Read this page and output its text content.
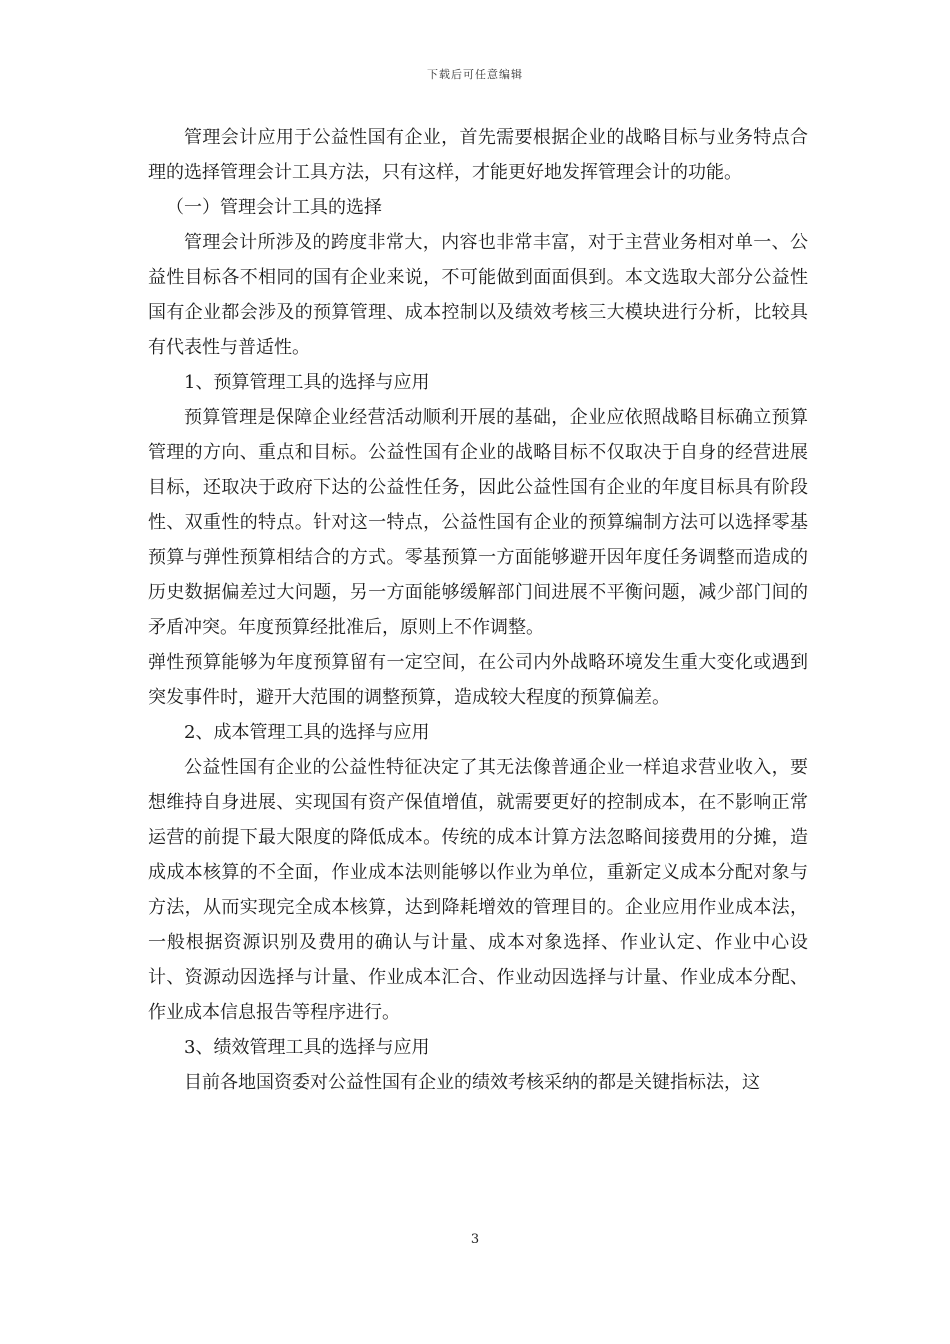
下载后可任意编辑

管理会计应用于公益性国有企业，首先需要根据企业的战略目标与业务特点合理的选择管理会计工具方法，只有这样，才能更好地发挥管理会计的功能。

（一）管理会计工具的选择

管理会计所涉及的跨度非常大，内容也非常丰富，对于主营业务相对单一、公益性目标各不相同的国有企业来说，不可能做到面面俱到。本文选取大部分公益性国有企业都会涉及的预算管理、成本控制以及绩效考核三大模块进行分析，比较具有代表性与普适性。

1、预算管理工具的选择与应用

预算管理是保障企业经营活动顺利开展的基础，企业应依照战略目标确立预算管理的方向、重点和目标。公益性国有企业的战略目标不仅取决于自身的经营进展目标，还取决于政府下达的公益性任务，因此公益性国有企业的年度目标具有阶段性、双重性的特点。针对这一特点，公益性国有企业的预算编制方法可以选择零基预算与弹性预算相结合的方式。零基预算一方面能够避开因年度任务调整而造成的历史数据偏差过大问题，另一方面能够缓解部门间进展不平衡问题，减少部门间的矛盾冲突。年度预算经批准后，原则上不作调整。

弹性预算能够为年度预算留有一定空间，在公司内外战略环境发生重大变化或遇到突发事件时，避开大范围的调整预算，造成较大程度的预算偏差。

2、成本管理工具的选择与应用

公益性国有企业的公益性特征决定了其无法像普通企业一样追求营业收入，要想维持自身进展、实现国有资产保值增值，就需要更好的控制成本，在不影响正常运营的前提下最大限度的降低成本。传统的成本计算方法忽略间接费用的分摊，造成成本核算的不全面，作业成本法则能够以作业为单位，重新定义成本分配对象与方法，从而实现完全成本核算，达到降耗增效的管理目的。企业应用作业成本法，一般根据资源识别及费用的确认与计量、成本对象选择、作业认定、作业中心设计、资源动因选择与计量、作业成本汇合、作业动因选择与计量、作业成本分配、作业成本信息报告等程序进行。

3、绩效管理工具的选择与应用

目前各地国资委对公益性国有企业的绩效考核采纳的都是关键指标法，这

3
